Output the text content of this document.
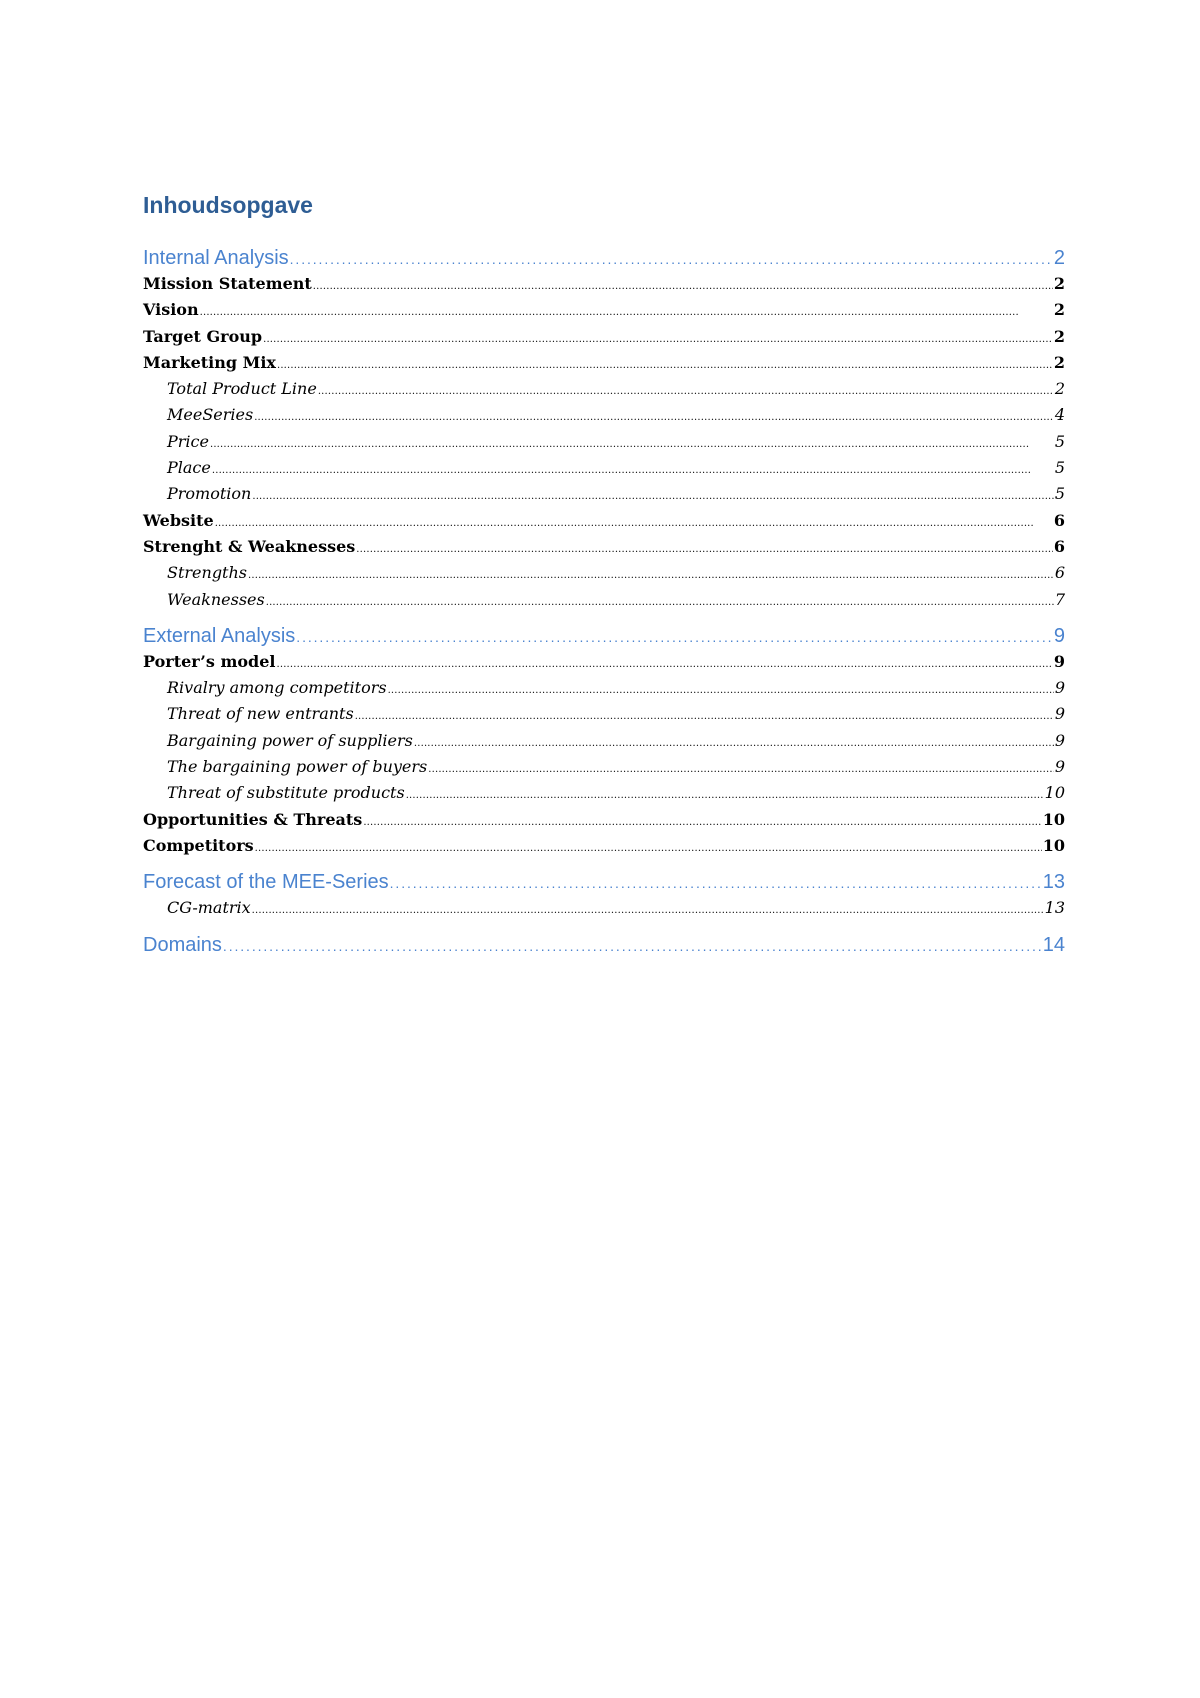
Inhoudsopgave
Internal Analysis . . .	2
Mission Statement . . .	2
Vision . . .	2
Target Group . . .	2
Marketing Mix . . .	2
Total Product Line . . .	2
MeeSeries . . .	4
Price . . .	5
Place . . .	5
Promotion . . .	5
Website . . .	6
Strenght & Weaknesses . . .	6
Strengths . . .	6
Weaknesses . . .	7
External Analysis . . .	9
Porter’s model . . .	9
Rivalry among competitors . . .	9
Threat of new entrants . . .	9
Bargaining power of suppliers . . .	9
The bargaining power of buyers . . .	9
Threat of substitute products . . .	10
Opportunities & Threats . . .	10
Competitors . . .	10
Forecast of the MEE-Series . . .	13
CG-matrix . . .	13
Domains . . .	14
